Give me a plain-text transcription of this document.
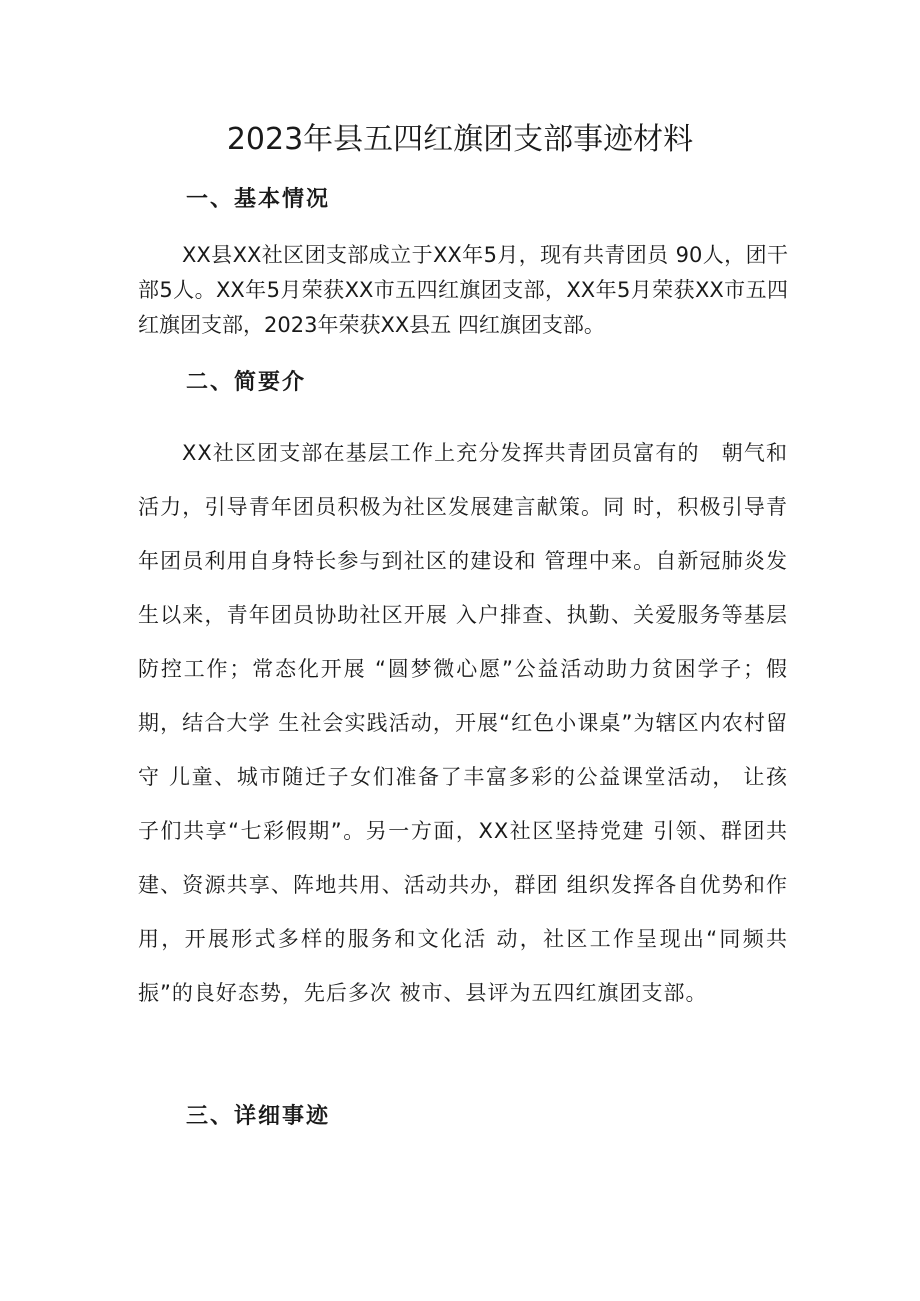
2023年县五四红旗团支部事迹材料
一、基本情况

XX县XX社区团支部成立于XX年5月，现有共青团员 90人，团干部5人。XX年5月荣获XX市五四红旗团支部，XX年5月荣获XX市五四红旗团支部，2023年荣获XX县五 四红旗团支部。

二、简要介

XX社区团支部在基层工作上充分发挥共青团员富有的　朝气和活力，引导青年团员积极为社区发展建言献策。同 时，积极引导青年团员利用自身特长参与到社区的建设和 管理中来。自新冠肺炎发生以来，青年团员协助社区开展 入户排查、执勤、关爱服务等基层防控工作；常态化开展 “圆梦微心愿”公益活动助力贫困学子；假期，结合大学 生社会实践活动，开展“红色小课桌”为辖区内农村留守 儿童、城市随迁子女们准备了丰富多彩的公益课堂活动， 让孩子们共享“七彩假期”。另一方面，XX社区坚持党建 引领、群团共建、资源共享、阵地共用、活动共办，群团 组织发挥各自优势和作用，开展形式多样的服务和文化活 动，社区工作呈现出“同频共振”的良好态势，先后多次 被市、县评为五四红旗团支部。

三、详细事迹
